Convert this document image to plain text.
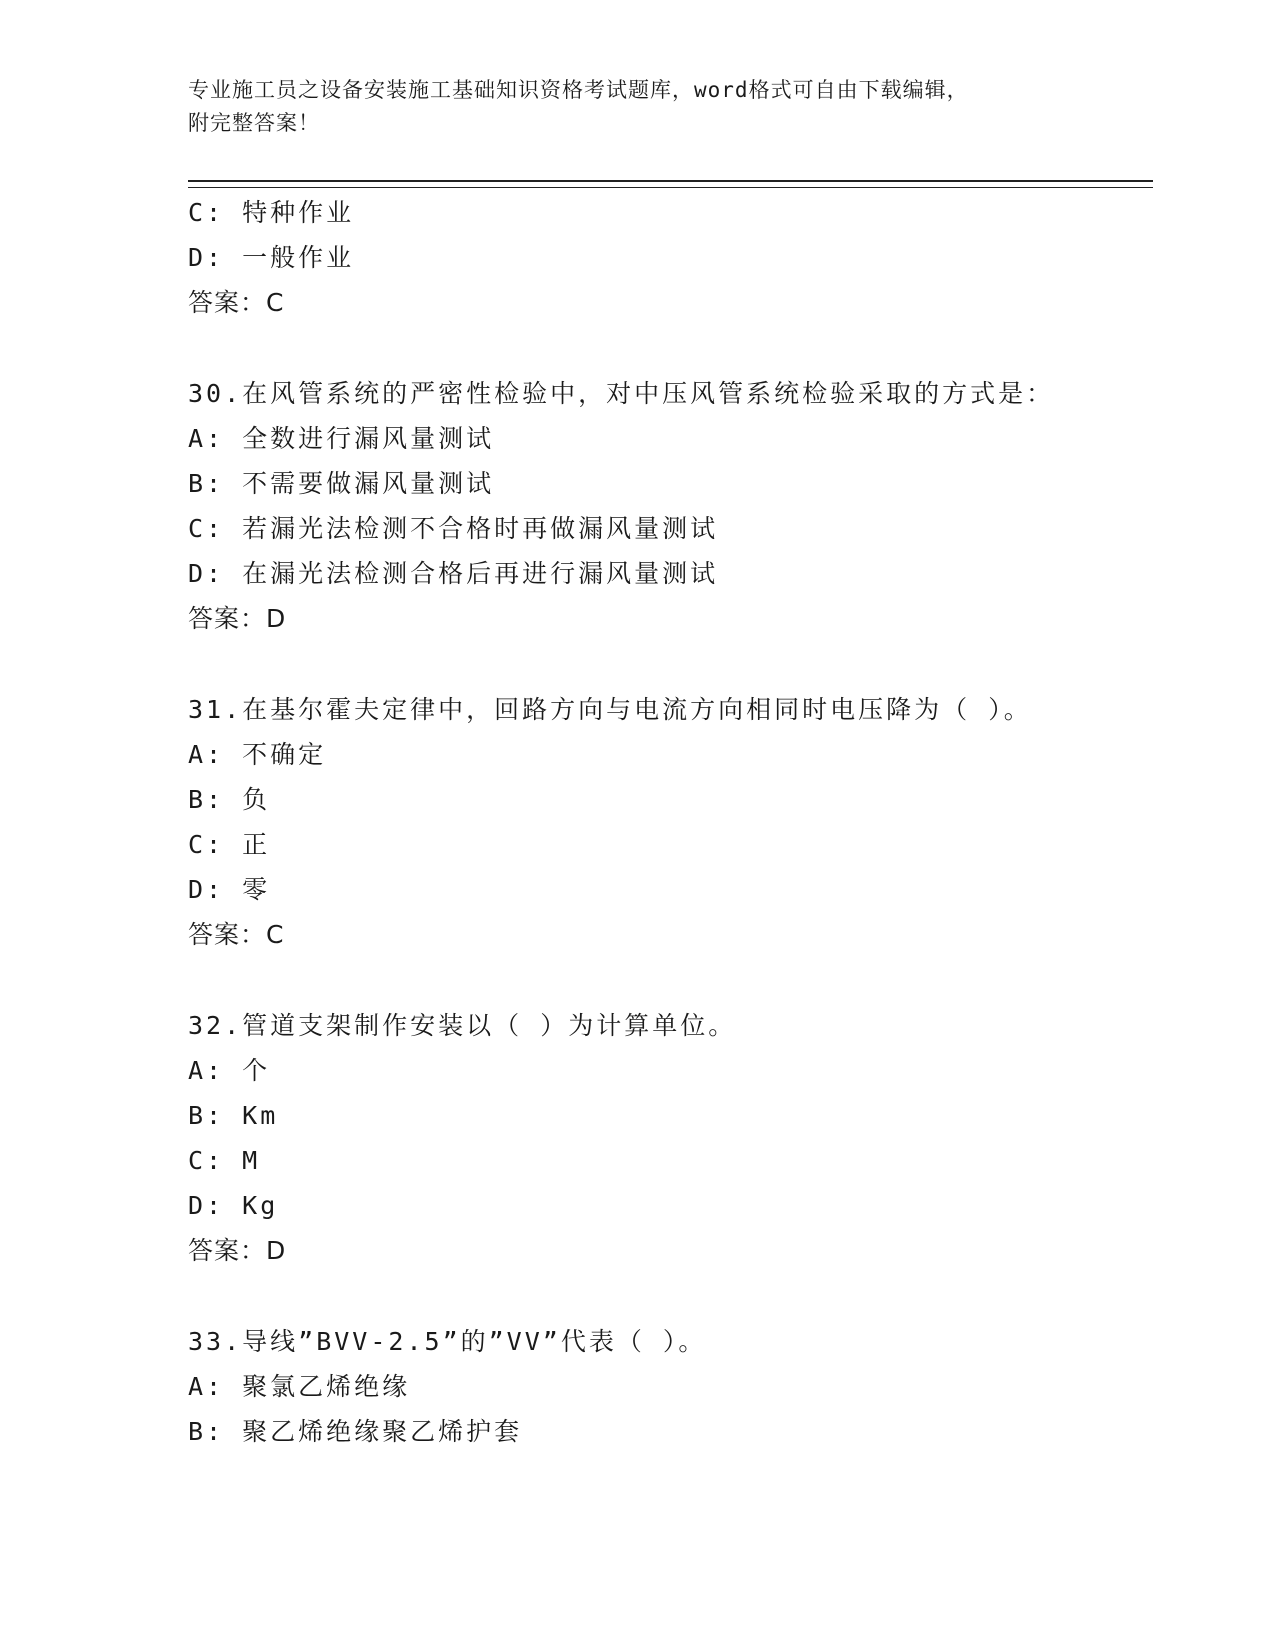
专业施工员之设备安装施工基础知识资格考试题库，word格式可自由下载编辑，
附完整答案！
C: 特种作业
D: 一般作业
答案：C
30.在风管系统的严密性检验中，对中压风管系统检验采取的方式是：
A: 全数进行漏风量测试
B: 不需要做漏风量测试
C: 若漏光法检测不合格时再做漏风量测试
D: 在漏光法检测合格后再进行漏风量测试
答案：D
31.在基尔霍夫定律中，回路方向与电流方向相同时电压降为（ ）。
A: 不确定
B: 负
C: 正
D: 零
答案：C
32.管道支架制作安装以（ ）为计算单位。
A: 个
B: Km
C: M
D: Kg
答案：D
33.导线”BVV-2.5”的”VV”代表（ ）。
A: 聚氯乙烯绝缘
B: 聚乙烯绝缘聚乙烯护套
